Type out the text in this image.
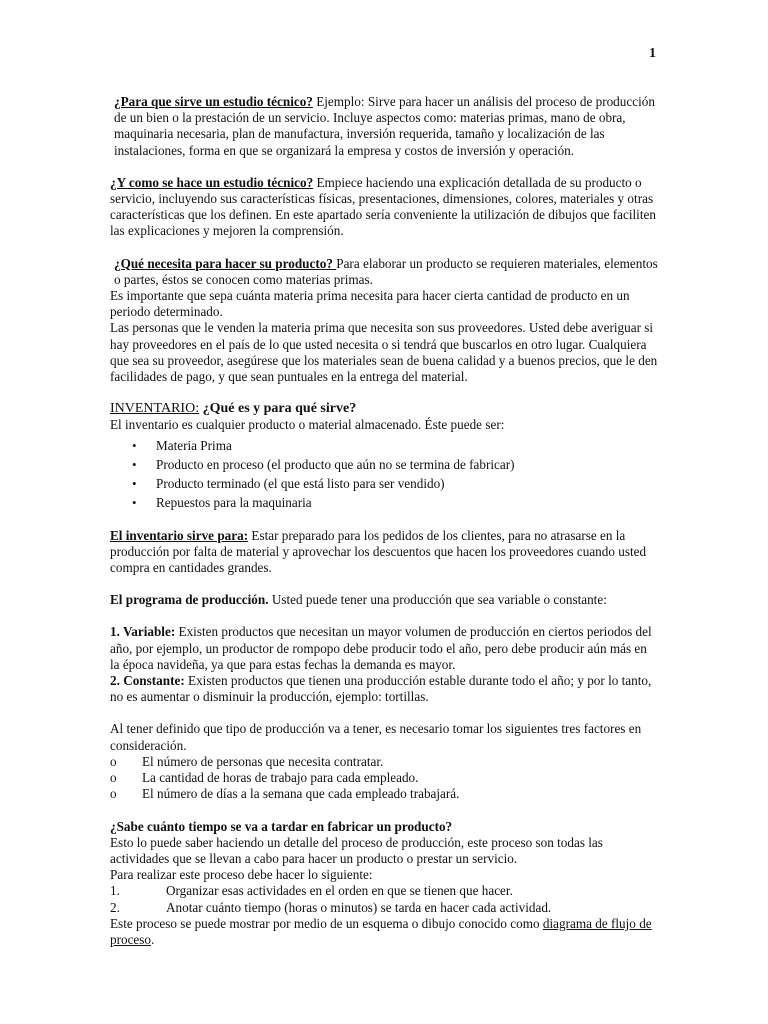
1

¿Para que sirve un estudio técnico? Ejemplo: Sirve para hacer un análisis del proceso de producción de un bien o la prestación de un servicio. Incluye aspectos como: materias primas, mano de obra, maquinaria necesaria, plan de manufactura, inversión requerida, tamaño y localización de las instalaciones, forma en que se organizará la empresa y costos de inversión y operación.

¿Y como se hace un estudio técnico? Empiece haciendo una explicación detallada de su producto o servicio, incluyendo sus características físicas, presentaciones, dimensiones, colores, materiales y otras características que los definen. En este apartado sería conveniente la utilización de dibujos que faciliten las explicaciones y mejoren la comprensión.

¿Qué necesita para hacer su producto? Para elaborar un producto se requieren materiales, elementos o partes, éstos se conocen como materias primas.

Es importante que sepa cuánta materia prima necesita para hacer cierta cantidad de producto en un periodo determinado.

Las personas que le venden la materia prima que necesita son sus proveedores. Usted debe averiguar si hay proveedores en el país de lo que usted necesita o si tendrá que buscarlos en otro lugar. Cualquiera que sea su proveedor, asegúrese que los materiales sean de buena calidad y a buenos precios, que le den facilidades de pago, y que sean puntuales en la entrega del material.

INVENTARIO: ¿Qué es y para qué sirve?

El inventario es cualquier producto o material almacenado. Éste puede ser:

• Materia Prima
• Producto en proceso (el producto que aún no se termina de fabricar)
• Producto terminado (el que está listo para ser vendido)
• Repuestos para la maquinaria

El inventario sirve para: Estar preparado para los pedidos de los clientes, para no atrasarse en la producción por falta de material y aprovechar los descuentos que hacen los proveedores cuando usted compra en cantidades grandes.

El programa de producción. Usted puede tener una producción que sea variable o constante:

1. Variable: Existen productos que necesitan un mayor volumen de producción en ciertos periodos del año, por ejemplo, un productor de rompopo debe producir todo el año, pero debe producir aún más en la época navideña, ya que para estas fechas la demanda es mayor.

2. Constante: Existen productos que tienen una producción estable durante todo el año; y por lo tanto, no es aumentar o disminuir la producción, ejemplo: tortillas.

Al tener definido que tipo de producción va a tener, es necesario tomar los siguientes tres factores en consideración.

o El número de personas que necesita contratar.
o La cantidad de horas de trabajo para cada empleado.
o El número de días a la semana que cada empleado trabajará.

¿Sabe cuánto tiempo se va a tardar en fabricar un producto?

Esto lo puede saber haciendo un detalle del proceso de producción, este proceso son todas las actividades que se llevan a cabo para hacer un producto o prestar un servicio.

Para realizar este proceso debe hacer lo siguiente:

1.	Organizar esas actividades en el orden en que se tienen que hacer.
2.	Anotar cuánto tiempo (horas o minutos) se tarda en hacer cada actividad.

Este proceso se puede mostrar por medio de un esquema o dibujo conocido como diagrama de flujo de proceso.
